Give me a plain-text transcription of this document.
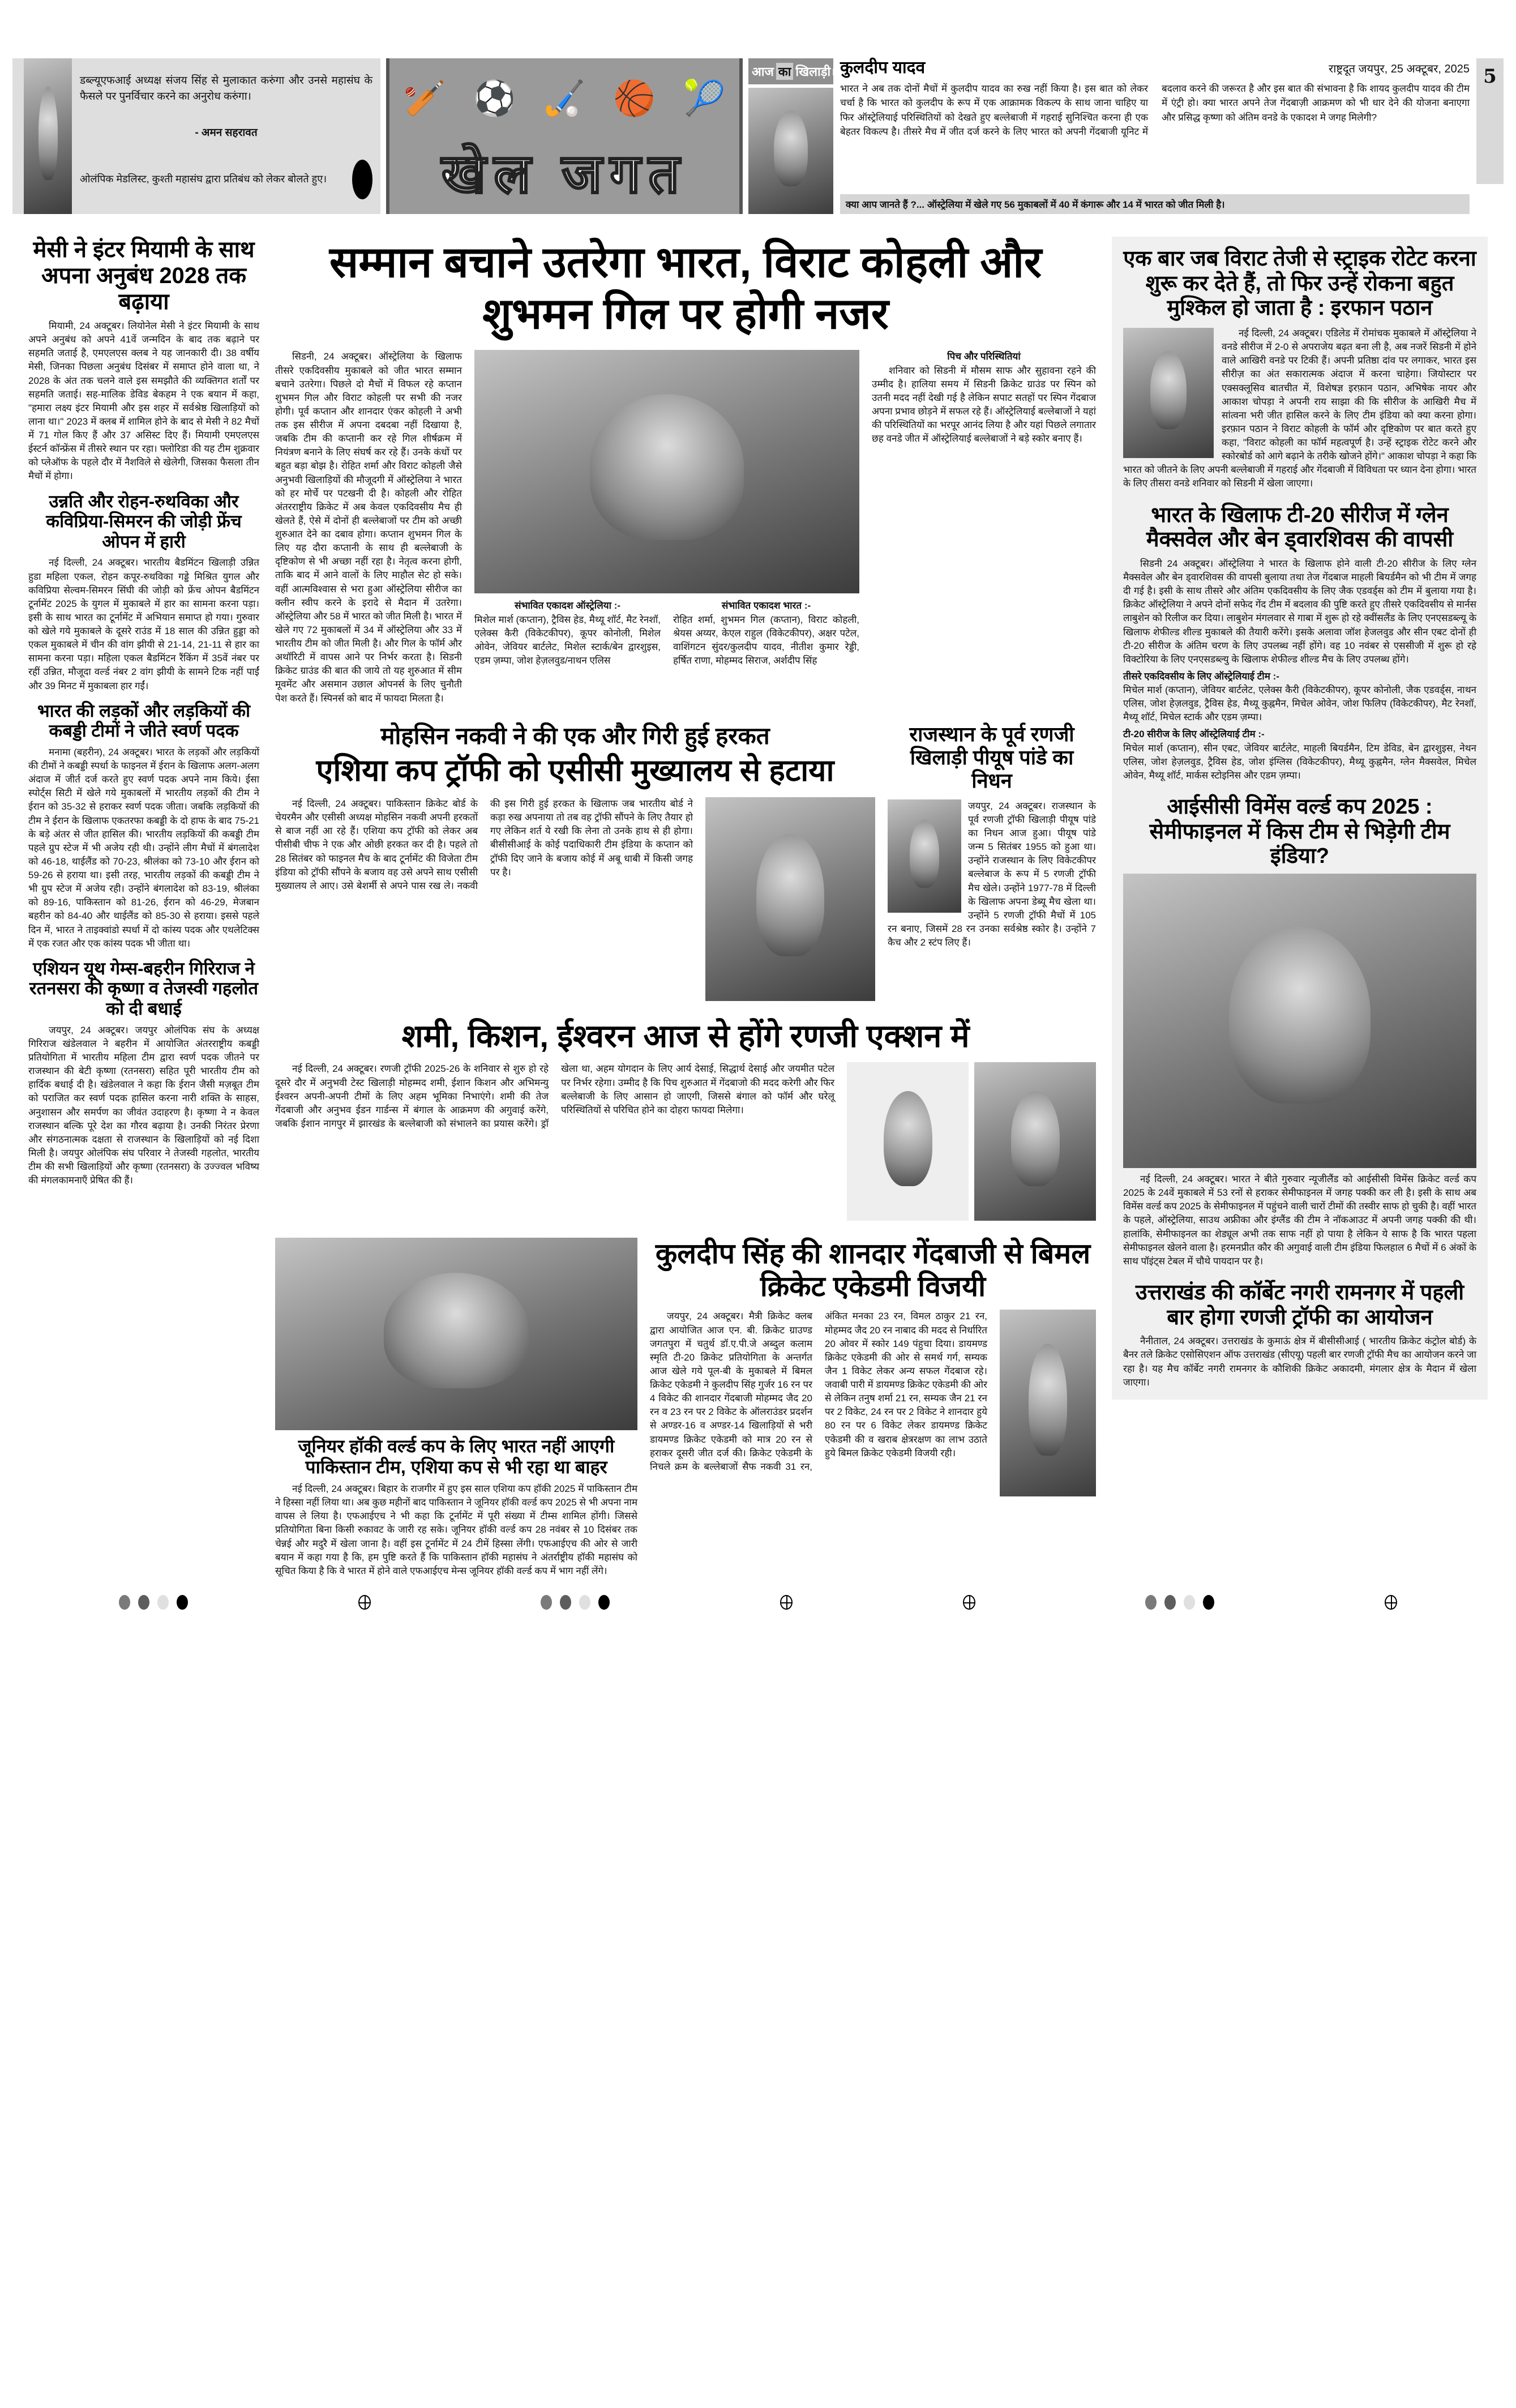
डब्ल्यूएफआई अध्यक्ष संजय सिंह से मुलाकात करुंगा और उनसे महासंघ के फैसले पर पुनर्विचार करने का अनुरोध करुंगा।
- अमन सहरावत
ओलंपिक मेडलिस्ट, कुश्ती महासंघ द्वारा प्रतिबंध को लेकर बोलते हुए।
🏏 ⚽ 🏑 🏀 🎾
खेल जगत
आज का खिलाड़ी ▶ कुलदीप यादव	राष्ट्रदूत जयपुर, 25 अक्टूबर, 2025
भारत ने अब तक दोनों मैचों में कुलदीप यादव का रुख नहीं किया है। इस बात को लेकर चर्चा है कि भारत को कुलदीप के रूप में एक आक्रामक विकल्प के साथ जाना चाहिए या फिर ऑस्ट्रेलियाई परिस्थितियों को देखते हुए बल्लेबाजी में गहराई सुनिश्चित करना ही एक बेहतर विकल्प है। तीसरे मैच में जीत दर्ज करने के लिए भारत को अपनी गेंदबाजी यूनिट में बदलाव करने की जरूरत है और इस बात की संभावना है कि शायद कुलदीप यादव की टीम में एंट्री हो। क्या भारत अपने तेज गेंदबाज़ी आक्रमण को भी धार देने की योजना बनाएगा और प्रसिद्ध कृष्णा को अंतिम वनडे के एकादश मे जगह मिलेगी?
क्या आप जानते हैं ?... ऑस्ट्रेलिया में खेले गए 56 मुकाबलों में 40 में कंगारू और 14 में भारत को जीत मिली है।
5
मेसी ने इंटर मियामी के साथ अपना अनुबंध 2028 तक बढ़ाया

मियामी, 24 अक्टूबर। लियोनेल मेसी ने इंटर मियामी के साथ अपने अनुबंध को अपने 41वें जन्मदिन के बाद तक बढ़ाने पर सहमति जताई है, एमएलएस क्लब ने यह जानकारी दी। 38 वर्षीय मेसी, जिनका पिछला अनुबंध दिसंबर में समाप्त होने वाला था, ने 2028 के अंत तक चलने वाले इस समझौते की व्यक्तिगत शर्तों पर सहमति जताई। सह-मालिक डेविड बेकहम ने एक बयान में कहा, "हमारा लक्ष्य इंटर मियामी और इस शहर में सर्वश्रेष्ठ खिलाड़ियों को लाना था।" 2023 में क्लब में शामिल होने के बाद से मेसी ने 82 मैचों में 71 गोल किए हैं और 37 असिस्ट दिए हैं। मियामी एमएलएस ईस्टर्न कॉन्फ्रेंस में तीसरे स्थान पर रहा। फ्लोरिडा की यह टीम शुक्रवार को प्लेऑफ के पहले दौर में नैशविले से खेलेगी, जिसका फैसला तीन मैचों में होगा।

उन्नति और रोहन-रुथविका और कविप्रिया-सिमरन की जोड़ी फ्रेंच ओपन में हारी

नई दिल्ली, 24 अक्टूबर। भारतीय बैडमिंटन खिलाड़ी उन्नित हुडा महिला एकल, रोहन कपूर-रुथविका गड्डे मिश्रित युगल और कविप्रिया सेल्वम-सिमरन सिंघी की जोड़ी को फ्रेंच ओपन बैडमिंटन टूर्नामेंट 2025 के युगल में मुकाबले में हार का सामना करना पड़ा। इसी के साथ भारत का टूर्नामेंट में अभियान समाप्त हो गया। गुरुवार को खेले गये मुकाबले के दूसरे राउंड में 18 साल की उन्नित हुड्डा को एकल मुकाबले में चीन की वांग झीयी से 21-14, 21-11 से हार का सामना करना पड़ा। महिला एकल बैडमिंटन रैंकिंग में 35वें नंबर पर रहीं उन्नित, मौजूदा वर्ल्ड नंबर 2 वांग झीयी के सामने टिक नहीं पाईं और 39 मिनट में मुकाबला हार गईं।

भारत की लड़कों और लड़कियों की कबड्डी टीमों ने जीते स्वर्ण पदक

मनामा (बहरीन), 24 अक्टूबर। भारत के लड़कों और लड़कियों की टीमों ने कबड्डी स्पर्धा के फाइनल में ईरान के खिलाफ अलग-अलग अंदाज में जीर्त दर्ज करते हुए स्वर्ण पदक अपने नाम किये। ईसा स्पोर्ट्स सिटी में खेले गये मुकाबलों में भारतीय लड़कों की टीम ने ईरान को 35-32 से हराकर स्वर्ण पदक जीता। जबकि लड़कियों की टीम ने ईरान के खिलाफ एकतरफा कबड्डी के दो हाफ के बाद 75-21 के बड़े अंतर से जीत हासिल की। भारतीय लड़कियों की कबड्डी टीम पहले ग्रुप स्टेज में भी अजेय रही थी। उन्होंने लीग मैचों में बंगलादेश को 46-18, थाईलैंड को 70-23, श्रीलंका को 73-10 और ईरान को 59-26 से हराया था। इसी तरह, भारतीय लड़कों की कबड्डी टीम ने भी ग्रुप स्टेज में अजेय रही। उन्होंने बंगलादेश को 83-19, श्रीलंका को 89-16, पाकिस्तान को 81-26, ईरान को 46-29, मेजबान बहरीन को 84-40 और थाईलैंड को 85-30 से हराया। इससे पहले दिन में, भारत ने ताइक्वांडो स्पर्धा में दो कांस्य पदक और एथलेटिक्स में एक रजत और एक कांस्य पदक भी जीता था।

एशियन यूथ गेम्स-बहरीन गिरिराज ने रतनसरा की कृष्णा व तेजस्वी गहलोत को दी बधाई

जयपुर, 24 अक्टूबर। जयपुर ओलंपिक संघ के अध्यक्ष गिरिराज खंडेलवाल ने बहरीन में आयोजित अंतरराष्ट्रीय कबड्डी प्रतियोगिता में भारतीय महिला टीम द्वारा स्वर्ण पदक जीतने पर राजस्थान की बेटी कृष्णा (रतनसरा) सहित पूरी भारतीय टीम को हार्दिक बधाई दी है। खंडेलवाल ने कहा कि ईरान जैसी मज़बूत टीम को पराजित कर स्वर्ण पदक हासिल करना नारी शक्ति के साहस, अनुशासन और समर्पण का जीवंत उदाहरण है। कृष्णा ने न केवल राजस्थान बल्कि पूरे देश का गौरव बढ़ाया है। उनकी निरंतर प्रेरणा और संगठनात्मक दक्षता से राजस्थान के खिलाड़ियों को नई दिशा मिली है। जयपुर ओलंपिक संघ परिवार ने तेजस्वी गहलोत, भारतीय टीम की सभी खिलाड़ियों और कृष्णा (रतनसरा) के उज्ज्वल भविष्य की मंगलकामनाएँ प्रेषित की हैं।

सम्मान बचाने उतरेगा भारत, विराट कोहली और शुभमन गिल पर होगी नजर

सिडनी, 24 अक्टूबर। ऑस्ट्रेलिया के खिलाफ तीसरे एकदिवसीय मुकाबले को जीत भारत सम्मान बचाने उतरेगा। पिछले दो मैचों में विफल रहे कप्तान शुभमन गिल और विराट कोहली पर सभी की नजर होगी। पूर्व कप्तान और शानदार एंकर कोहली ने अभी तक इस सीरीज में अपना दबदबा नहीं दिखाया है, जबकि टीम की कप्तानी कर रहे गिल शीर्षक्रम में नियंत्रण बनाने के लिए संघर्ष कर रहे हैं। उनके कंधों पर बहुत बड़ा बोझ है। रोहित शर्मा और विराट कोहली जैसे अनुभवी खिलाड़ियों की मौजूदगी में ऑस्ट्रेलिया ने भारत को हर मोर्चे पर पटखनी दी है। कोहली और रोहित अंतरराष्ट्रीय क्रिकेट में अब केवल एकदिवसीय मैच ही खेलते हैं, ऐसे में दोनों ही बल्लेबाजों पर टीम को अच्छी शुरुआत देने का दबाव होगा। कप्तान शुभमन गिल के लिए यह दौरा कप्तानी के साथ ही बल्लेबाजी के दृष्टिकोण से भी अच्छा नहीं रहा है। नेतृत्व करना होगी, ताकि बाद में आने वालों के लिए माहौल सेट हो सके। वहीं आत्मविश्वास से भरा हुआ ऑस्ट्रेलिया सीरीज का क्लीन स्वीप करने के इरादे से मैदान में उतरेगा। ऑस्ट्रेलिया और 58 में भारत को जीत मिली है। भारत में खेले गए 72 मुकाबलों में 34 में ऑस्ट्रेलिया और 33 में भारतीय टीम को जीत मिली है। और गिल के फॉर्म और अथॉरिटी में वापस आने पर निर्भर करता है। सिडनी क्रिकेट ग्राउंड की बात की जाये तो यह शुरुआत में सीम मूवमेंट और असमान उछाल ओपनर्स के लिए चुनौती पेश करते हैं। स्पिनर्स को बाद में फायदा मिलता है।

संभावित एकादश ऑस्ट्रेलिया :-

मिशेल मार्श (कप्तान), ट्रैविस हेड, मैथ्यू शॉर्ट, मैट रेनशॉ, एलेक्स कैरी (विकेटकीपर), कूपर कोनोली, मिशेल ओवेन, जेवियर बार्टलेट, मिशेल स्टार्क/बेन द्वारशुइस, एडम ज़म्पा, जोश हेज़लवुड/नाथन एलिस

संभावित एकादश भारत :-

रोहित शर्मा, शुभमन गिल (कप्तान), विराट कोहली, श्रेयस अय्यर, केएल राहुल (विकेटकीपर), अक्षर पटेल, वाशिंगटन सुंदर/कुलदीप यादव, नीतीश कुमार रेड्डी, हर्षित राणा, मोहम्मद सिराज, अर्शदीप सिंह

पिच और परिस्थितियां

शनिवार को सिडनी में मौसम साफ और सुहावना रहने की उम्मीद है। हालिया समय में सिडनी क्रिकेट ग्राउंड पर स्पिन को उतनी मदद नहीं देखी गई है लेकिन सपाट सतहों पर स्पिन गेंदबाज अपना प्रभाव छोड़ने में सफल रहे हैं। ऑस्ट्रेलियाई बल्लेबाजों ने यहां की परिस्थितियों का भरपूर आनंद लिया है और यहां पिछले लगातार छह वनडे जीत में ऑस्ट्रेलियाई बल्लेबाजों ने बड़े स्कोर बनाए हैं।

मोहसिन नकवी ने की एक और गिरी हुई हरकत
एशिया कप ट्रॉफी को एसीसी मुख्यालय से हटाया

नई दिल्ली, 24 अक्टूबर। पाकिस्तान क्रिकेट बोर्ड के चेयरमैन और एसीसी अध्यक्ष मोहसिन नकवी अपनी हरकतों से बाज नहीं आ रहे हैं। एशिया कप ट्रॉफी को लेकर अब पीसीबी चीफ ने एक और ओछी हरकत कर दी है। पहले तो 28 सितंबर को फाइनल मैच के बाद टूर्नामेंट की विजेता टीम इंडिया को ट्रॉफी सौंपने के बजाय वह उसे अपने साथ एसीसी मुख्यालय ले आए। उसे बेशर्मी से अपने पास रख ले। नकवी की इस गिरी हुई हरकत के खिलाफ जब भारतीय बोर्ड ने कड़ा रुख अपनाया तो तब वह ट्रॉफी सौंपने के लिए तैयार हो गए लेकिन शर्त ये रखी कि लेना तो उनके हाथ से ही होगा। बीसीसीआई के कोई पदाधिकारी टीम इंडिया के कप्तान को ट्रॉफी दिए जाने के बजाय कोई में अबू धाबी में किसी जगह पर है।

राजस्थान के पूर्व रणजी खिलाड़ी पीयूष पांडे का निधन

जयपुर, 24 अक्टूबर। राजस्थान के पूर्व रणजी ट्रॉफी खिलाड़ी पीयूष पांडे का निधन आज हुआ। पीयूष पांडे जन्म 5 सितंबर 1955 को हुआ था। उन्होंने राजस्थान के लिए विकेटकीपर बल्लेबाज के रूप में 5 रणजी ट्रॉफी मैच खेले। उन्होंने 1977-78 में दिल्ली के खिलाफ अपना डेब्यू मैच खेला था। उन्होंने 5 रणजी ट्रॉफी मैचों में 105 रन बनाए, जिसमें 28 रन उनका सर्वश्रेष्ठ स्कोर है। उन्होंने 7 कैच और 2 स्टंप लिए हैं।

शमी, किशन, ईश्वरन आज से होंगे रणजी एक्शन में

नई दिल्ली, 24 अक्टूबर। रणजी ट्रॉफी 2025-26 के शनिवार से शुरु हो रहे दूसरे दौर में अनुभवी टेस्ट खिलाड़ी मोहम्मद शमी, ईशान किशन और अभिमन्यु ईश्वरन अपनी-अपनी टीमों के लिए अहम भूमिका निभाएंगे। शमी की तेज गेंदबाजी और अनुभव ईडन गार्डन्स में बंगाल के आक्रमण की अगुवाई करेंगे, जबकि ईशान नागपुर में झारखंड के बल्लेबाजी को संभालने का प्रयास करेंगे। ड्रॉ खेला था, अहम योगदान के लिए आर्य देसाई, सिद्धार्थ देसाई और जयमीत पटेल पर निर्भर रहेगा। उम्मीद है कि पिच शुरुआत में गेंदबाजो की मदद करेगी और फिर बल्लेबाजी के लिए आसान हो जाएगी, जिससे बंगाल को फॉर्म और घरेलू परिस्थितियों से परिचित होने का दोहरा फायदा मिलेगा।

जूनियर हॉकी वर्ल्ड कप के लिए भारत नहीं आएगी पाकिस्तान टीम, एशिया कप से भी रहा था बाहर

नई दिल्ली, 24 अक्टूबर। बिहार के राजगीर में हुए इस साल एशिया कप हॉकी 2025 में पाकिस्तान टीम ने हिस्सा नहीं लिया था। अब कुछ महीनों बाद पाकिस्तान ने जूनियर हॉकी वर्ल्ड कप 2025 से भी अपना नाम वापस ले लिया है। एफआईएच ने भी कहा कि टूर्नामेंट में पूरी संख्या में टीम्स शामिल होंगी। जिससे प्रतियोगिता बिना किसी रुकावट के जारी रह सके। जूनियर हॉकी वर्ल्ड कप 28 नवंबर से 10 दिसंबर तक चेन्नई और मदुरै में खेला जाना है। वहीं इस टूर्नामेंट में 24 टीमें हिस्सा लेंगी। एफआईएच की ओर से जारी बयान में कहा गया है कि, हम पुष्टि करते हैं कि पाकिस्तान हॉकी महासंघ ने अंतर्राष्ट्रीय हॉकी महासंघ को सूचित किया है कि वे भारत में होने वाले एफआईएच मेन्स जूनियर हॉकी वर्ल्ड कप में भाग नहीं लेंगे।

कुलदीप सिंह की शानदार गेंदबाजी से बिमल क्रिकेट एकेडमी विजयी

जयपुर, 24 अक्टूबर। मैत्री क्रिकेट क्लब द्वारा आयोजित आज एन. बी. क्रिकेट ग्राउण्ड जगतपुरा में चतुर्थ डॉ.ए.पी.जे अब्दुल कलाम स्मृति टी-20 क्रिकेट प्रतियोगिता के अन्तर्गत आज खेले गये पूल-बी के मुकाबले में बिमल क्रिकेट एकेडमी ने कुलदीप सिंह गुर्जर 16 रन पर 4 विकेट की शानदार गेंदबाजी मोहम्मद जैद 20 रन व 23 रन पर 2 विकेट के ऑलराउंडर प्रदर्शन से अण्डर-16 व अण्डर-14 खिलाड़ियों से भरी डायमण्ड क्रिकेट एकेडमी को मात्र 20 रन से हराकर दूसरी जीत दर्ज की। क्रिकेट एकेडमी के निचले क्रम के बल्लेबाजों सैफ नकवी 31 रन, अंकित मनका 23 रन, विमल ठाकुर 21 रन, मोहम्मद जैद 20 रन नाबाद की मदद से निर्धारित 20 ओवर में स्कोर 149 पंहुचा दिया। डायमण्ड क्रिकेट एकेडमी की ओर से समर्थ गर्ग, सम्यक जैन 1 विकेट लेकर अन्य सफल गेंदबाज रहे। जवाबी पारी में डायमण्ड क्रिकेट एकेडमी की ओर से लेकिन तनुष शर्मा 21 रन, सम्यक जैन 21 रन पर 2 विकेट, 24 रन पर 2 विकेट ने शानदार हुये 80 रन पर 6 विकेट लेकर डायमण्ड क्रिकेट एकेडमी की व खराब क्षेत्ररक्षण का लाभ उठाते हुये बिमल क्रिकेट एकेडमी विजयी रही।

एक बार जब विराट तेजी से स्ट्राइक रोटेट करना शुरू कर देते हैं, तो फिर उन्हें रोकना बहुत मुश्किल हो जाता है : इरफान पठान

नई दिल्ली, 24 अक्टूबर। एडिलेड में रोमांचक मुकाबले में ऑस्ट्रेलिया ने वनडे सीरीज में 2-0 से अपराजेय बढ़त बना ली है, अब नजरें सिडनी में होने वाले आखिरी वनडे पर टिकी हैं। अपनी प्रतिष्ठा दांव पर लगाकर, भारत इस सीरीज़ का अंत सकारात्मक अंदाज में करना चाहेगा। जियोस्टार पर एक्सक्लूसिव बातचीत में, विशेषज्ञ इरफ़ान पठान, अभिषेक नायर और आकाश चोपड़ा ने अपनी राय साझा की कि सीरीज के आखिरी मैच में सांत्वना भरी जीत हासिल करने के लिए टीम इंडिया को क्या करना होगा। इरफ़ान पठान ने विराट कोहली के फॉर्म और दृष्टिकोण पर बात करते हुए कहा, "विराट कोहली का फॉर्म महत्वपूर्ण है। उन्हें स्ट्राइक रोटेट करने और स्कोरबोर्ड को आगे बढ़ाने के तरीके खोजने होंगे।" आकाश चोपड़ा ने कहा कि भारत को जीतने के लिए अपनी बल्लेबाजी में गहराई और गेंदबाजी में विविधता पर ध्यान देना होगा। भारत के लिए तीसरा वनडे शनिवार को सिडनी में खेला जाएगा।

भारत के खिलाफ टी-20 सीरीज में ग्लेन मैक्सवेल और बेन ड्वारशिवस की वापसी

सिडनी 24 अक्टूबर। ऑस्ट्रेलिया ने भारत के खिलाफ होने वाली टी-20 सीरीज के लिए ग्लेन मैक्सवेल और बेन ड्वारशिवस की वापसी बुलाया तथा तेज गेंदबाज माहली बियर्डमैन को भी टीम में जगह दी गई है। इसी के साथ तीसरे और अंतिम एकदिवसीय के लिए जैक एडवर्ड्स को टीम में बुलाया गया है। क्रिकेट ऑस्ट्रेलिया ने अपने दोनों सफेद गेंद टीम में बदलाव की पुष्टि करते हुए तीसरे एकदिवसीय से मार्नस लाबुशेन को रिलीज कर दिया। लाबुशेन मंगलवार से गाबा में शुरू हो रहे क्वींसलैंड के लिए एनएसडब्ल्यू के खिलाफ शेफील्ड शील्ड मुकाबले की तैयारी करेंगे। इसके अलावा जॉश हेजलवुड और सीन एबट दोनों ही टी-20 सीरीज के अंतिम चरण के लिए उपलब्ध नहीं होंगे। वह 10 नवंबर से एससीजी में शुरू हो रहे विक्टोरिया के लिए एनएसडब्ल्यु के खिलाफ शेफील्ड शील्ड मैच के लिए उपलब्ध होंगे।

तीसरे एकदिवसीय के लिए ऑस्ट्रेलियाई टीम :-

मिचेल मार्श (कप्तान), जेवियर बार्टलेट, एलेक्स कैरी (विकेटकीपर), कूपर कोनोली, जैक एडवर्ड्स, नाथन एलिस, जोश हेज़लवुड, ट्रैविस हेड, मैथ्यू कुह्नमैन, मिचेल ओवेन, जोश फिलिप (विकेटकीपर), मैट रेनशॉ, मैथ्यू शॉर्ट, मिचेल स्टार्क और एडम ज़म्पा।

टी-20 सीरीज के लिए ऑस्ट्रेलियाई टीम :-

मिचेल मार्श (कप्तान), सीन एबट, जेवियर बार्टलेट, माहली बियर्डमैन, टिम डेविड, बेन द्वारशुइस, नेथन एलिस, जोश हेज़लवुड, ट्रैविस हेड, जोश इंग्लिस (विकेटकीपर), मैथ्यू कुह्नमैन, ग्लेन मैक्सवेल, मिचेल ओवेन, मैथ्यू शॉर्ट, मार्कस स्टोइनिस और एडम ज़म्पा।

आईसीसी विमेंस वर्ल्ड कप 2025 : सेमीफाइनल में किस टीम से भिड़ेगी टीम इंडिया?

नई दिल्ली, 24 अक्टूबर। भारत ने बीते गुरुवार न्यूजीलैंड को आईसीसी विमेंस क्रिकेट वर्ल्ड कप 2025 के 24वें मुकाबले में 53 रनों से हराकर सेमीफाइनल में जगह पक्की कर ली है। इसी के साथ अब विमेंस वर्ल्ड कप 2025 के सेमीफाइनल में पहुंचने वाली चारों टीमों की तस्वीर साफ हो चुकी है। वहीं भारत के पहले, ऑस्ट्रेलिया, साउथ अफ्रीका और इंग्लैंड की टीम ने नॉकआउट में अपनी जगह पक्की की थी। हालांकि, सेमीफाइनल का शेड्यूल अभी तक साफ नहीं हो पाया है लेकिन ये साफ है कि भारत पहला सेमीफाइनल खेलने वाला है। हरमनप्रीत कौर की अगुवाई वाली टीम इंडिया फिलहाल 6 मैचों में 6 अंकों के साथ पॉइंट्स टेबल में चौथे पायदान पर है।

उत्तराखंड की कॉर्बेट नगरी रामनगर में पहली बार होगा रणजी ट्रॉफी का आयोजन

नैनीताल, 24 अक्टूबर। उत्तराखंड के कुमाऊं क्षेत्र में बीसीसीआई ( भारतीय क्रिकेट कंट्रोल बोर्ड) के बैनर तले क्रिकेट एसोसिएशन ऑफ उत्तराखंड (सीएयू) पहली बार रणजी ट्रॉफी मैच का आयोजन करने जा रहा है। यह मैच कॉर्बेट नगरी रामनगर के कौशिकी क्रिकेट अकादमी, मंगलार क्षेत्र के मैदान में खेला जाएगा।
